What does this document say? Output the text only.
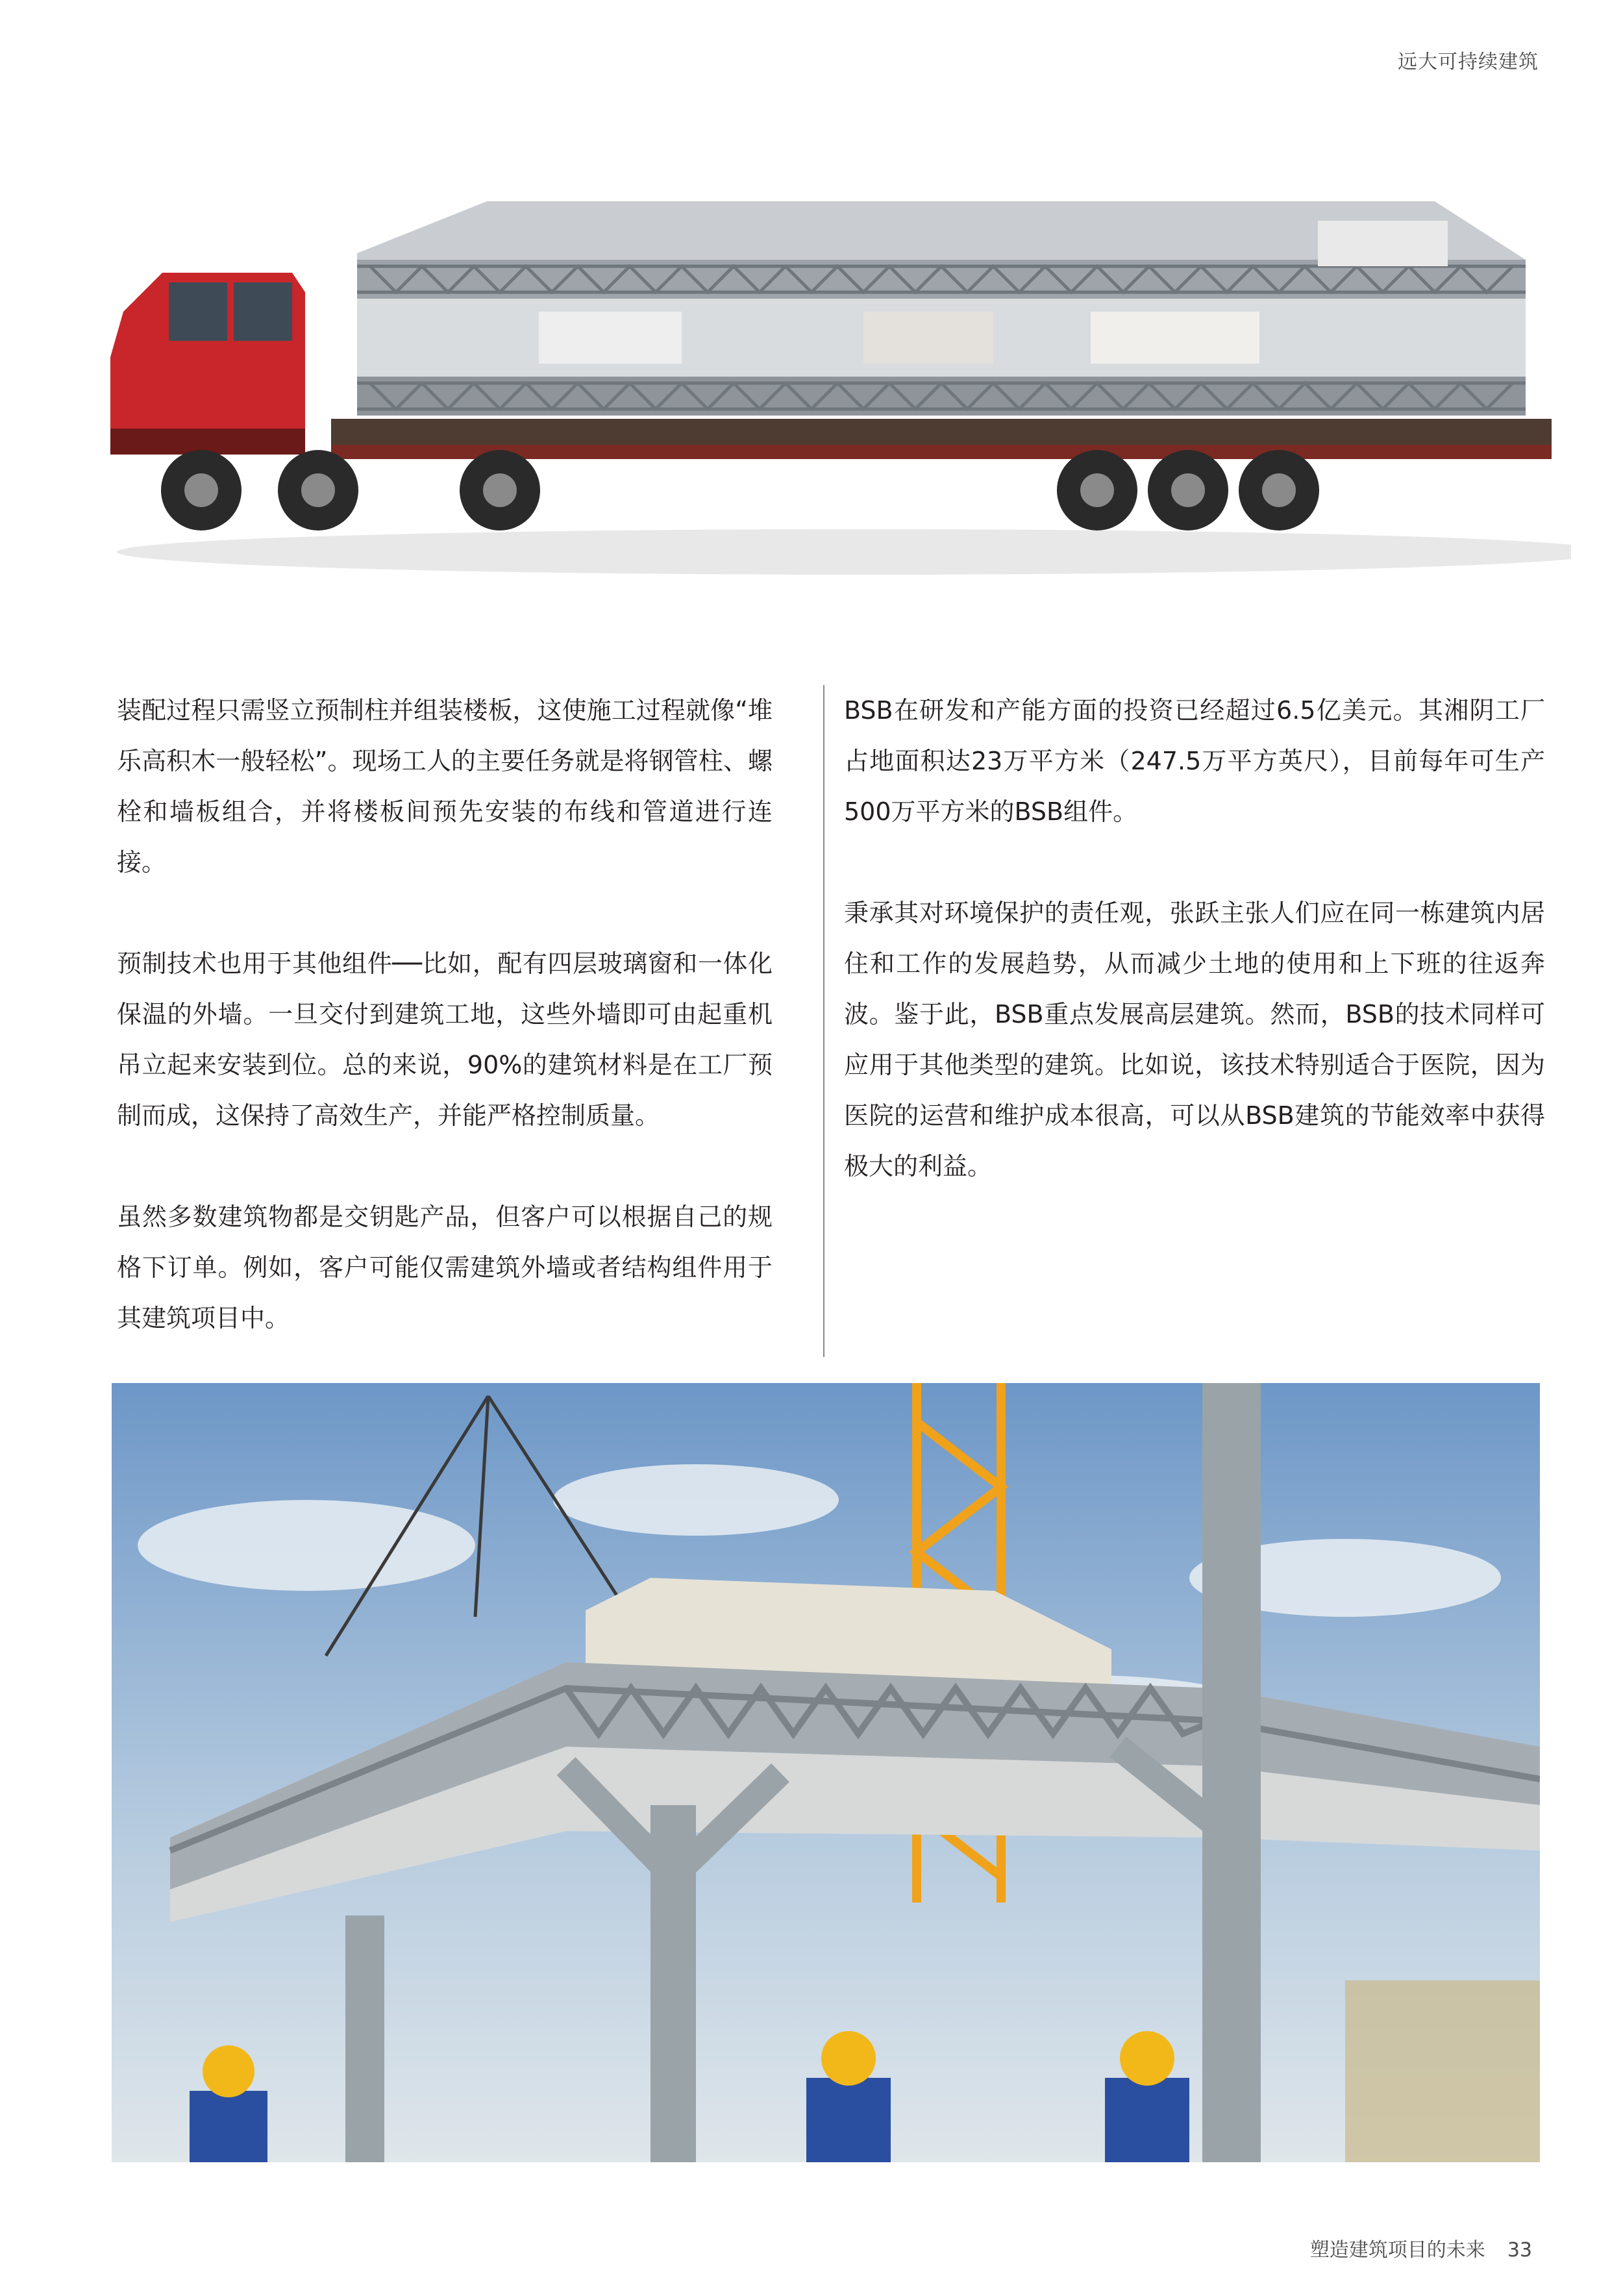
远大可持续建筑

装配过程只需竖立预制柱并组装楼板，这使施工过程就像“堆乐高积木一般轻松”。现场工人的主要任务就是将钢管柱、螺栓和墙板组合，并将楼板间预先安装的布线和管道进行连接。

预制技术也用于其他组件──比如，配有四层玻璃窗和一体化保温的外墙。一旦交付到建筑工地，这些外墙即可由起重机吊立起来安装到位。总的来说，90%的建筑材料是在工厂预制而成，这保持了高效生产，并能严格控制质量。

虽然多数建筑物都是交钥匙产品，但客户可以根据自己的规格下订单。例如，客户可能仅需建筑外墙或者结构组件用于其建筑项目中。

BSB在研发和产能方面的投资已经超过6.5亿美元。其湘阴工厂占地面积达23万平方米（247.5万平方英尺），目前每年可生产500万平方米的BSB组件。

秉承其对环境保护的责任观，张跃主张人们应在同一栋建筑内居住和工作的发展趋势，从而减少土地的使用和上下班的往返奔波。鉴于此，BSB重点发展高层建筑。然而，BSB的技术同样可应用于其他类型的建筑。比如说，该技术特别适合于医院，因为医院的运营和维护成本很高，可以从BSB建筑的节能效率中获得极大的利益。

塑造建筑项目的未来 33
